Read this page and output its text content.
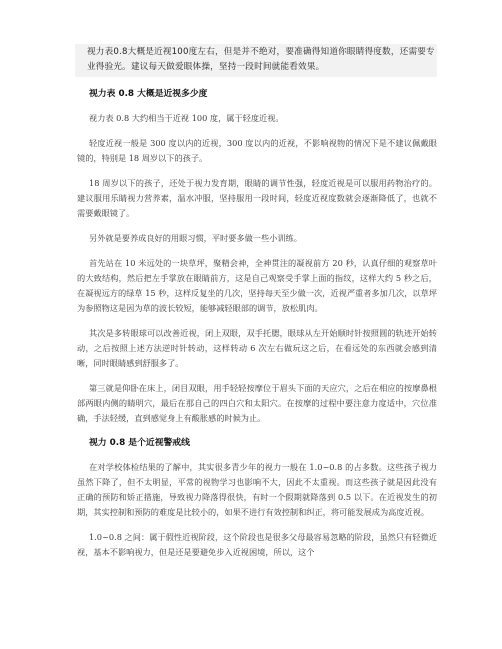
视力表0.8大概是近视100度左右，但是并不绝对，要准确得知道你眼睛得度数，还需要专业得验光。建议每天做爱眼体操，坚持一段时间就能看效果。
视力表 0.8 大概是近视多少度

视力表 0.8 大约相当于近视 100 度，属于轻度近视。

轻度近视一般是 300 度以内的近视，300 度以内的近视，不影响视物的情况下是不建议佩戴眼镜的，特别是 18 周岁以下的孩子。

18 周岁以下的孩子，还处于视力发育期，眼睛的调节性强，轻度近视是可以服用药物治疗的。建议服用乐睛视力营养素，温水冲服，坚持服用一段时间，轻度近视度数就会逐渐降低了，也就不需要戴眼镜了。

另外就是要养成良好的用眼习惯，平时要多做一些小训练。

首先站在 10 米远处的一块草坪，聚精会神，全神贯注的凝视前方 20 秒，认真仔细的观察草叶的大致结构，然后把左手掌放在眼睛前方，这是自己观察受手掌上面的指纹，这样大约 5 秒之后，在凝视远方的绿草 15 秒，这样反复坐的几次，坚持每天至少做一次，近视严重者多加几次，以草坪为参照物这是因为草的波长较短，能够减轻眼部的调节，放松肌肉。

其次是多转眼球可以改善近视，闭上双眼，双手托腮，眼球从左开始顺时针按照圆的轨迹开始转动，之后按照上述方法逆时针转动，这样转动 6 次左右做玩这之后，在看远处的东西就会感到清晰，同时眼睛感到舒服多了。

第三就是仰卧在床上，闭目双眼，用手轻轻按摩位于眉头下面的天应穴，之后在相应的按摩鼻根部两眼内侧的睛明穴，最后在那自己的四白穴和太阳穴。在按摩的过程中要注意力度适中，穴位准确，手法轻缓，直到感觉身上有酸胀感的时候为止。

视力 0.8 是个近视警戒线

在对学校体检结果的了解中，其实很多青少年的视力一般在 1.0~0.8 的占多数。这些孩子视力虽然下降了，但不太明显，平常的视物学习也影响不大，因此不太重视。而这些孩子就是因此没有正确的预防和矫正措施，导致视力降落得很快，有时一个假期就降落到 0.5 以下。在近视发生的初期，其实控制和预防的难度是比较小的，如果不进行有效控制和纠正，将可能发展成为高度近视。

1.0~0.8 之间：属于假性近视阶段，这个阶段也是很多父母最容易忽略的阶段，虽然只有轻微近视，基本不影响视力，但是还是要避免步入近视困境，所以，这个
